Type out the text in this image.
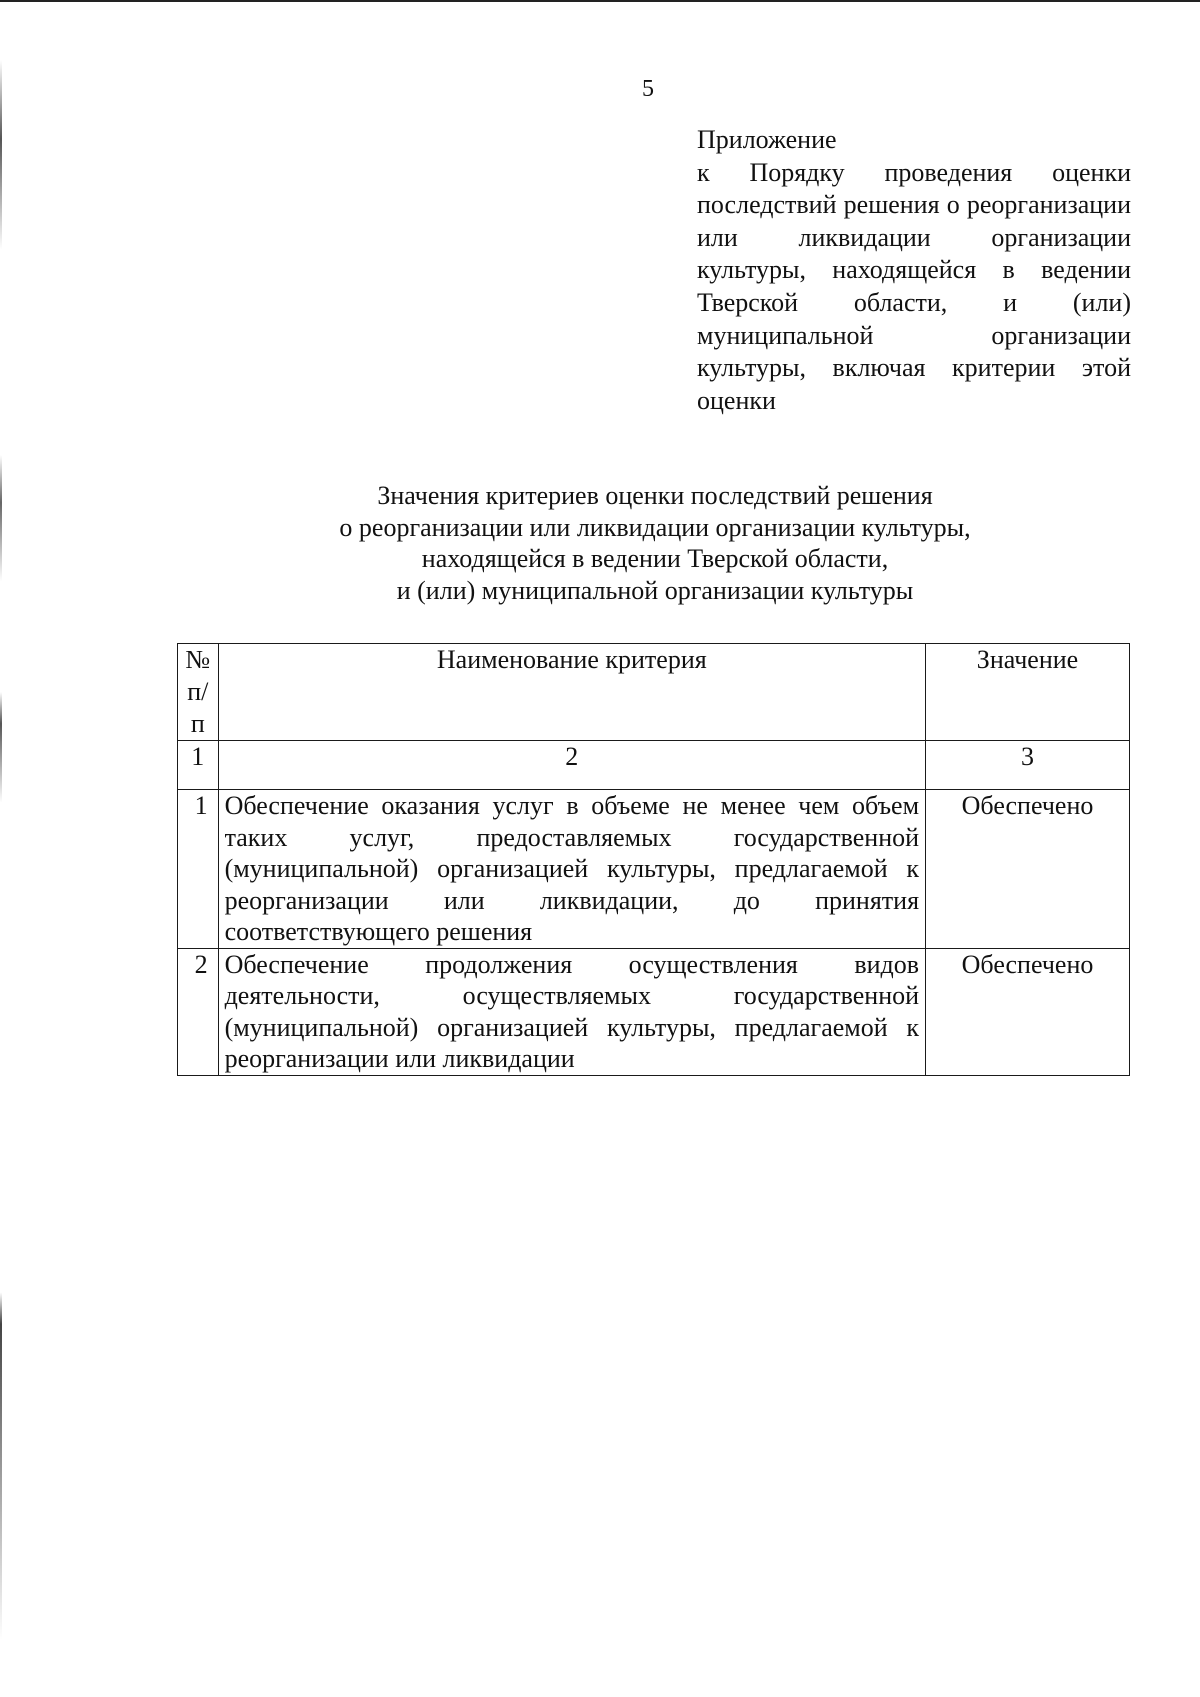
5

Приложение

к Порядку проведения оценки последствий решения о реорганизации или ликвидации организации культуры, находящейся в ведении Тверской области, и (или) муниципальной организации культуры, включая критерии этой оценки

Значения критериев оценки последствий решения
о реорганизации или ликвидации организации культуры,
находящейся в ведении Тверской области,
и (или) муниципальной организации культуры
№ п/п	Наименование критерия	Значение
1	2	3
1	Обеспечение оказания услуг в объеме не менее чем объем таких услуг, предоставляемых государственной (муниципальной) организацией культуры, предлагаемой к реорганизации или ликвидации, до принятия соответствующего решения	Обеспечено
2	Обеспечение продолжения осуществления видов деятельности, осуществляемых государственной (муниципальной) организацией культуры, предлагаемой к реорганизации или ликвидации	Обеспечено
